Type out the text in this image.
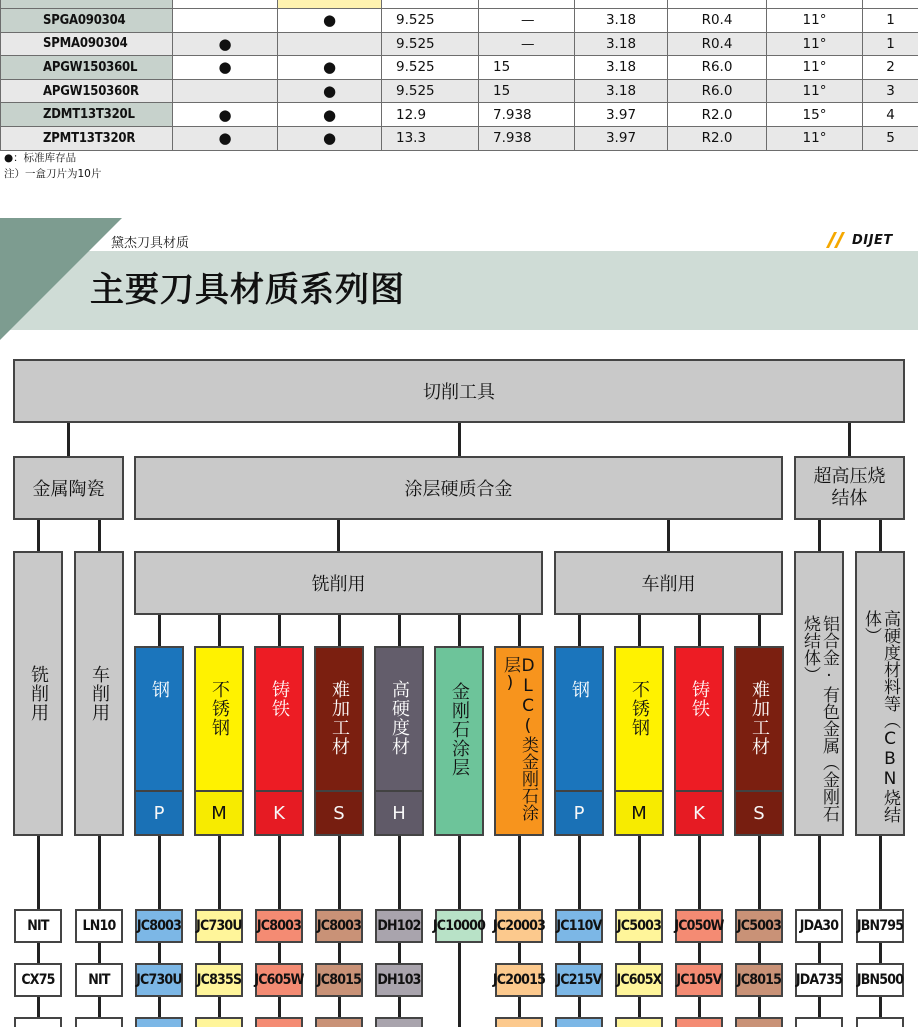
SPGA090304		●	9.525	—	3.18	R0.4	11°	1
SPMA090304	●		9.525	—	3.18	R0.4	11°	1
APGW150360L	●	●	9.525	15	3.18	R6.0	11°	2
APGW150360R		●	9.525	15	3.18	R6.0	11°	3
ZDMT13T320L	●	●	12.9	7.938	3.97	R2.0	15°	4
ZPMT13T320R	●	●	13.3	7.938	3.97	R2.0	11°	5
●：标准库存品
注）一盒刀片为10片
黛杰刀具材质
主要刀具材质系列图
DIJET
切削工具
金属陶瓷	涂层硬质合金
超高压烧结体
铣削用	车削用
铣削用 车削用	铝合金·有色金属（金刚石烧结体）	高硬度材料等（CBN烧结体）
钢
P
不锈钢
M
铸铁
K
难加工材
S
高硬度材
H
金刚石涂层	DLC(类金刚石涂层)	钢
P
不锈钢
M
铸铁
K
难加工材
S
NIT
CX75
LN10
NIT
JC8003
JC730U
JC730U
JC835S
JC8003
JC605W
JC8003
JC8015
DH102
DH103
JC10000 JC20003
JC20015
JC110V
JC215V
JC5003
JC605X
JC050W
JC105V
JC5003
JC8015
JDA30
JDA735
JBN795
JBN500
